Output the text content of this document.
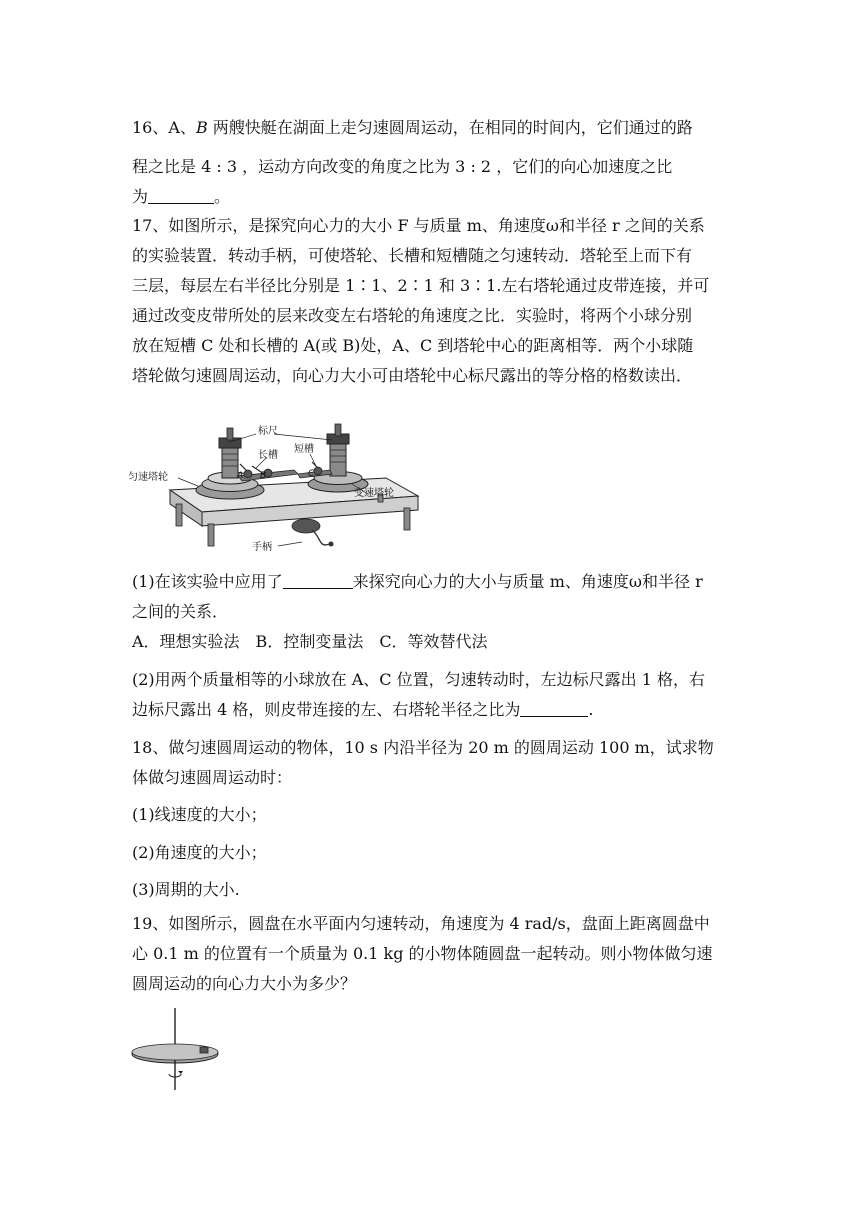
16、A、B 两艘快艇在湖面上走匀速圆周运动，在相同的时间内，它们通过的路

程之比是 4 : 3 ，运动方向改变的角度之比为 3 : 2 ，它们的向心加速度之比

为	。

17、如图所示，是探究向心力的大小 F 与质量 m、角速度ω和半径 r 之间的关系

的实验装置．转动手柄，可使塔轮、长槽和短槽随之匀速转动．塔轮至上而下有

三层，每层左右半径比分别是 1∶1、2∶1 和 3∶1.左右塔轮通过皮带连接，并可

通过改变皮带所处的层来改变左右塔轮的角速度之比．实验时，将两个小球分别

放在短槽 C 处和长槽的 A(或 B)处，A、C 到塔轮中心的距离相等．两个小球随

塔轮做匀速圆周运动，向心力大小可由塔轮中心标尺露出的等分格的格数读出．

标尺
长槽
短槽
匀速塔轮
变速塔轮
手柄
A B	C

(1)在该实验中应用了	来探究向心力的大小与质量 m、角速度ω和半径 r

之间的关系．

A．理想实验法　B．控制变量法　C．等效替代法

(2)用两个质量相等的小球放在 A、C 位置，匀速转动时，左边标尺露出 1 格，右

边标尺露出 4 格，则皮带连接的左、右塔轮半径之比为	.

18、做匀速圆周运动的物体，10 s 内沿半径为 20 m 的圆周运动 100 m，试求物

体做匀速圆周运动时：

(1)线速度的大小；

(2)角速度的大小；

(3)周期的大小.

19、如图所示，圆盘在水平面内匀速转动，角速度为 4 rad/s，盘面上距离圆盘中

心 0.1 m 的位置有一个质量为 0.1 kg 的小物体随圆盘一起转动。则小物体做匀速

圆周运动的向心力大小为多少？
